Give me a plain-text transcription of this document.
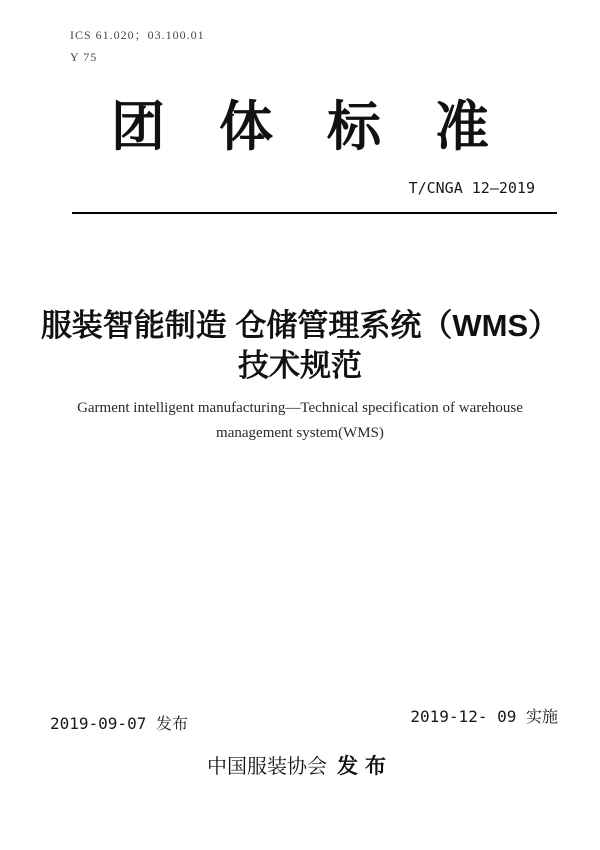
ICS 61.020；03.100.01
Y 75
团　体　标　准
T/CNGA 12—2019
服装智能制造 仓储管理系统（WMS）
技术规范
Garment intelligent manufacturing—Technical specification of warehouse
management system(WMS)
2019-09-07 发布	2019-12- 09 实施
中国服装协会 发布
